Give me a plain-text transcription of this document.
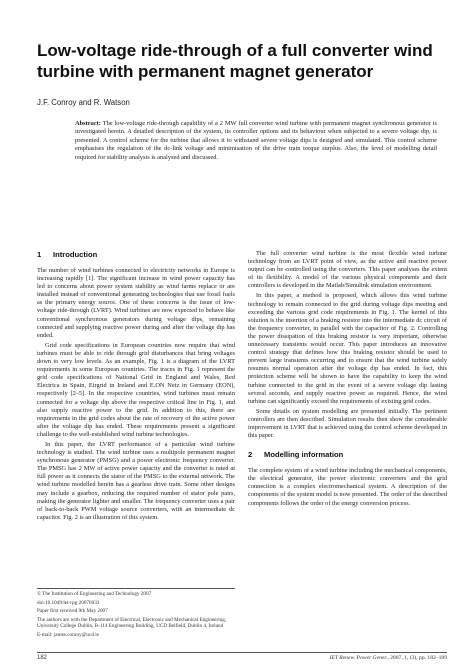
Low-voltage ride-through of a full converter wind turbine with permanent magnet generator
J.F. Conroy and R. Watson
Abstract: The low-voltage ride-through capability of a 2 MW full converter wind turbine with permanent magnet synchronous generator is investigated herein. A detailed description of the system, its controller options and its behaviour when subjected to a severe voltage dip, is presented. A control scheme for the turbine that allows it to withstand severe voltage dips is designed and simulated. This control scheme emphasises the regulation of the dc-link voltage and minimisation of the drive train torque surplus. Also, the level of modelling detail required for stability analysis is analysed and discussed.
1 Introduction

The number of wind turbines connected to electricity networks in Europe is increasing rapidly [1]. The significant increase in wind power capacity has led to concerns about power system stability as wind farms replace or are installed instead of conventional generating technologies that use fossil fuels as the primary energy source. One of these concerns is the issue of low-voltage ride-through (LVRT). Wind turbines are now expected to behave like conventional synchronous generators during voltage dips, remaining connected and supplying reactive power during and after the voltage dip has ended.

Grid code specifications in European countries now require that wind turbines must be able to ride through grid disturbances that bring voltages down to very low levels. As an example, Fig. 1 is a diagram of the LVRT requirements in some European countries. The traces in Fig. 1 represent the grid code specifications of National Grid in England and Wales, Red Electrica in Spain, Eirgrid in Ireland and E.ON Netz in Germany (EON), respectively [2–5]. In the respective countries, wind turbines must remain connected for a voltage dip above the respective critical line in Fig. 1, and also supply reactive power to the grid. In addition to this, there are requirements in the grid codes about the rate of recovery of the active power after the voltage dip has ended. These requirements present a significant challenge to the well-established wind turbine technologies.

In this paper, the LVRT performance of a particular wind turbine technology is studied. The wind turbine uses a multipole permanent magnet synchronous generator (PMSG) and a power electronic frequency converter. The PMSG has 2 MW of active power capacity and the converter is rated at full power as it connects the stator of the PMSG to the external network. The wind turbine modelled herein has a gearless drive train. Some other designs may include a gearbox, reducing the required number of stator pole pairs, making the generator lighter and smaller. The frequency converter uses a pair of back-to-back PWM voltage source converters, with an intermediate dc capacitor. Fig. 2 is an illustration of this system.

© The Institution of Engineering and Technology 2007

doi:10.1049/iet-rpg:20070033

Paper first received 9th May 2007

The authors are with the Department of Electrical, Electronic and Mechanical Engineering, University College Dublin, B-114 Engineering Building, UCD Belfield, Dublin 4, Ireland

E-mail: james.conroy@ucd.ie

The full converter wind turbine is the most flexible wind turbine technology from an LVRT point of view, as the active and reactive power output can be controlled using the converters. This paper analyses the extent of its flexibility. A model of the various physical components and their controllers is developed in the Matlab/Simulink simulation environment.

In this paper, a method is proposed, which allows this wind turbine technology to remain connected to the grid during voltage dips meeting and exceeding the various grid code requirements in Fig. 1. The kernel of this solution is the insertion of a braking resistor into the intermediate dc circuit of the frequency converter, in parallel with the capacitor of Fig. 2. Controlling the power dissipation of this braking resistor is very important, otherwise unnecessary transients would occur. This paper introduces an innovative control strategy that defines how this braking resistor should be used to prevent large transients occurring and to ensure that the wind turbine safely resumes normal operation after the voltage dip has ended. In fact, this protection scheme will be shown to have the capability to keep the wind turbine connected to the grid in the event of a severe voltage dip lasting several seconds, and supply reactive power as required. Hence, the wind turbine can significantly exceed the requirements of existing grid codes.

Some details on system modelling are presented initially. The pertinent controllers are then described. Simulation results then show the considerable improvement in LVRT that is achieved using the control scheme developed in this paper.

2 Modelling information

The complete system of a wind turbine including the mechanical components, the electrical generator, the power electronic converters and the grid connection is a complex electromechanical system. A description of the components of the system model is now presented. The order of the described components follows the order of the energy conversion process.

182	IET Renew. Power Gener., 2007, 1, (3), pp. 182–189
